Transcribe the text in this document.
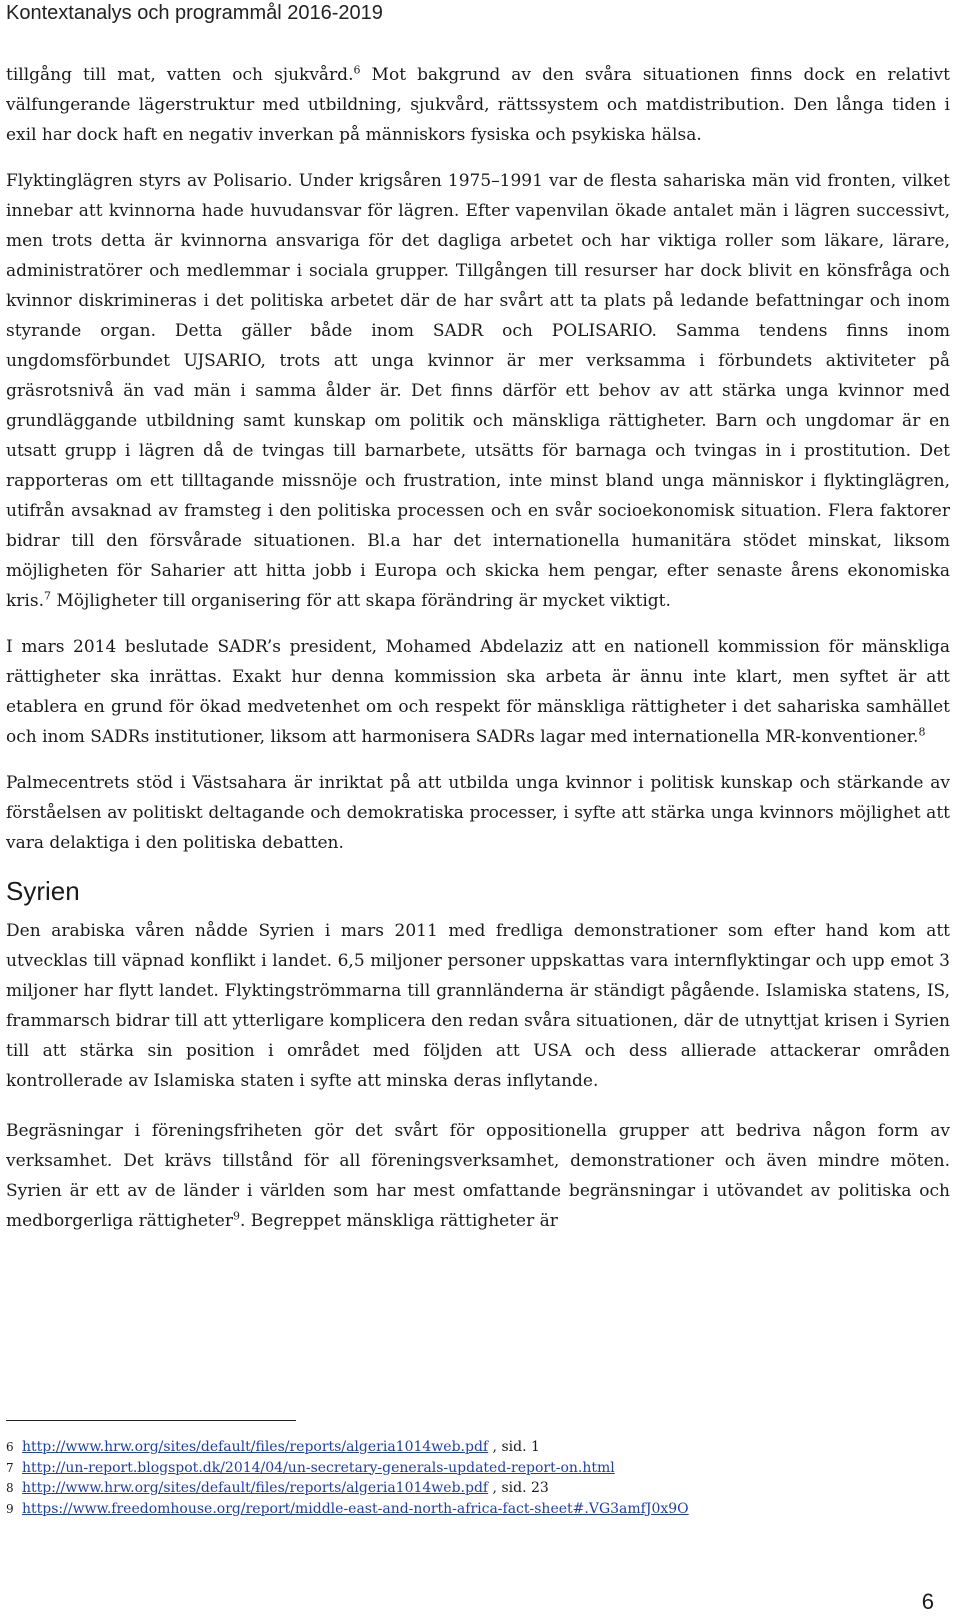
Kontextanalys och programmål 2016-2019

tillgång till mat, vatten och sjukvård.$^6$ Mot bakgrund av den svåra situationen finns dock en relativt välfungerande lägerstruktur med utbildning, sjukvård, rättssystem och matdistribution. Den långa tiden i exil har dock haft en negativ inverkan på människors fysiska och psykiska hälsa.

Flyktinglägren styrs av Polisario. Under krigsåren 1975–1991 var de flesta sahariska män vid fronten, vilket innebar att kvinnorna hade huvudansvar för lägren. Efter vapenvilan ökade antalet män i lägren successivt, men trots detta är kvinnorna ansvariga för det dagliga arbetet och har viktiga roller som läkare, lärare, administratörer och medlemmar i sociala grupper. Tillgången till resurser har dock blivit en könsfråga och kvinnor diskrimineras i det politiska arbetet där de har svårt att ta plats på ledande befattningar och inom styrande organ. Detta gäller både inom SADR och POLISARIO. Samma tendens finns inom ungdomsförbundet UJSARIO, trots att unga kvinnor är mer verksamma i förbundets aktiviteter på gräsrotsnivå än vad män i samma ålder är. Det finns därför ett behov av att stärka unga kvinnor med grundläggande utbildning samt kunskap om politik och mänskliga rättigheter. Barn och ungdomar är en utsatt grupp i lägren då de tvingas till barnarbete, utsätts för barnaga och tvingas in i prostitution. Det rapporteras om ett tilltagande missnöje och frustration, inte minst bland unga människor i flyktinglägren, utifrån avsaknad av framsteg i den politiska processen och en svår socioekonomisk situation. Flera faktorer bidrar till den försvårade situationen. Bl.a har det internationella humanitära stödet minskat, liksom möjligheten för Saharier att hitta jobb i Europa och skicka hem pengar, efter senaste årens ekonomiska kris.$^7$ Möjligheter till organisering för att skapa förändring är mycket viktigt.

I mars 2014 beslutade SADR’s president, Mohamed Abdelaziz att en nationell kommission för mänskliga rättigheter ska inrättas. Exakt hur denna kommission ska arbeta är ännu inte klart, men syftet är att etablera en grund för ökad medvetenhet om och respekt för mänskliga rättigheter i det sahariska samhället och inom SADRs institutioner, liksom att harmonisera SADRs lagar med internationella MR-konventioner.$^8$

Palmecentrets stöd i Västsahara är inriktat på att utbilda unga kvinnor i politisk kunskap och stärkande av förståelsen av politiskt deltagande och demokratiska processer, i syfte att stärka unga kvinnors möjlighet att vara delaktiga i den politiska debatten.

Syrien

Den arabiska våren nådde Syrien i mars 2011 med fredliga demonstrationer som efter hand kom att utvecklas till väpnad konflikt i landet. 6,5 miljoner personer uppskattas vara internflyktingar och upp emot 3 miljoner har flytt landet. Flyktingströmmarna till grannländerna är ständigt pågående. Islamiska statens, IS, frammarsch bidrar till att ytterligare komplicera den redan svåra situationen, där de utnyttjat krisen i Syrien till att stärka sin position i området med följden att USA och dess allierade attackerar områden kontrollerade av Islamiska staten i syfte att minska deras inflytande.

Begräsningar i föreningsfriheten gör det svårt för oppositionella grupper att bedriva någon form av verksamhet. Det krävs tillstånd för all föreningsverksamhet, demonstrationer och även mindre möten. Syrien är ett av de länder i världen som har mest omfattande begränsningar i utövandet av politiska och medborgerliga rättigheter$^9$. Begreppet mänskliga rättigheter är

6 http://www.hrw.org/sites/default/files/reports/algeria1014web.pdf , sid. 1
7 http://un-report.blogspot.dk/2014/04/un-secretary-generals-updated-report-on.html
8 http://www.hrw.org/sites/default/files/reports/algeria1014web.pdf , sid. 23
9 https://www.freedomhouse.org/report/middle-east-and-north-africa-fact-sheet#.VG3amfJ0x9O
6
